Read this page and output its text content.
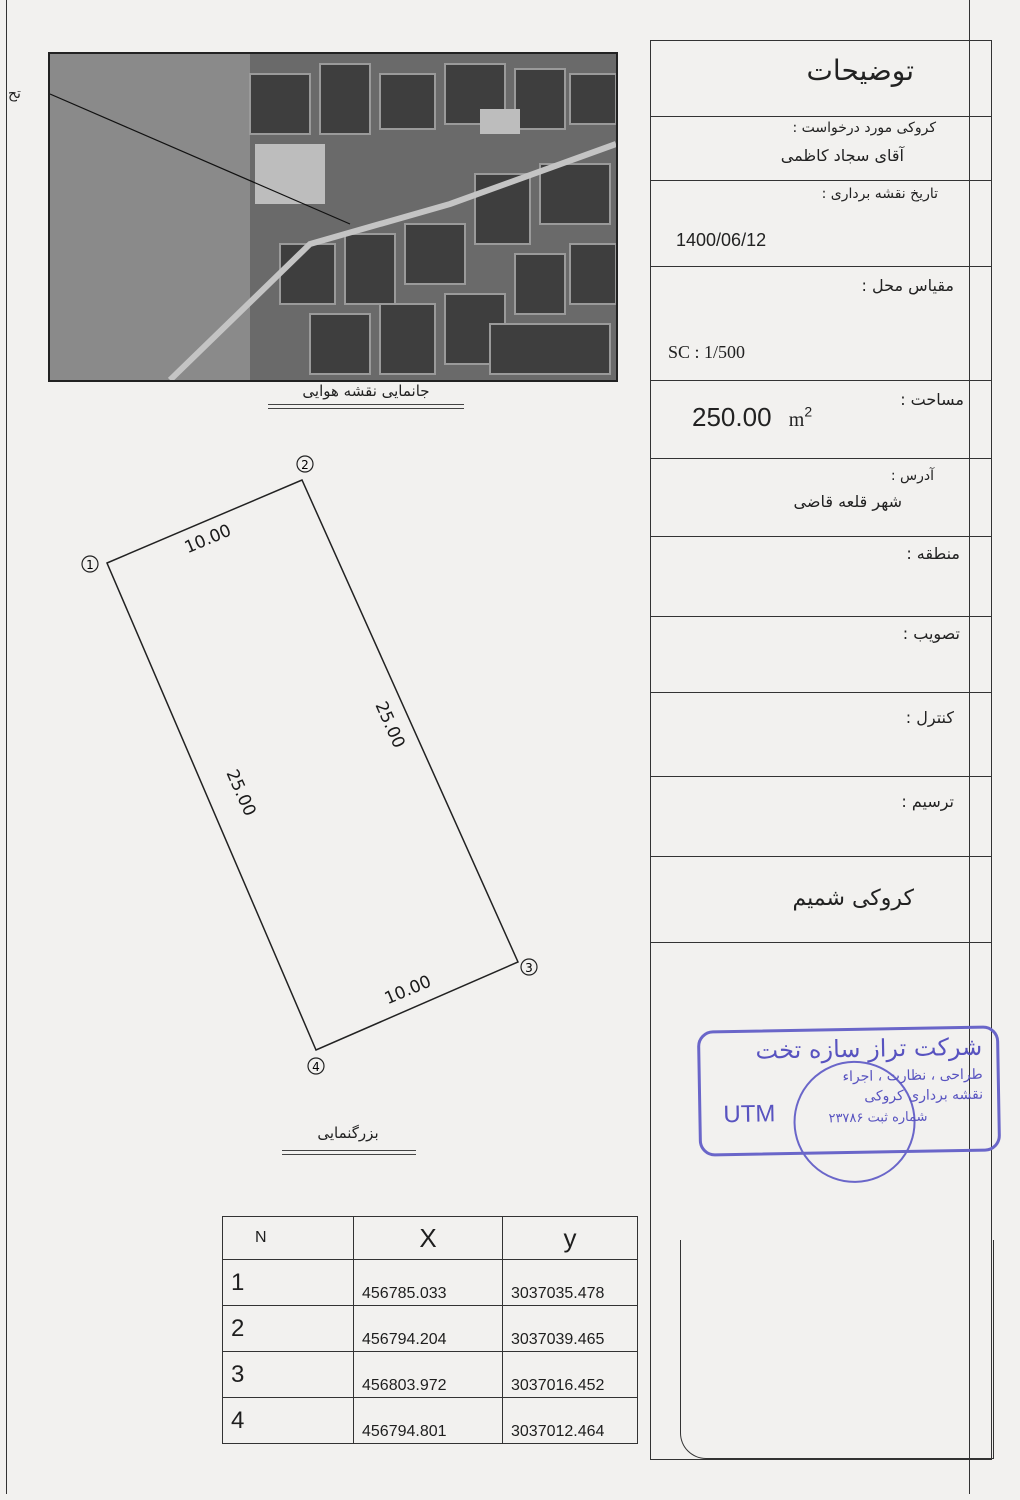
تح
جانمایی نقشه هوایی
1
2
3
4
10.00
25.00
25.00
10.00
بزرگنمایی
N	X	y
1	456785.033	3037035.478
2	456794.204	3037039.465
3	456803.972	3037016.452
4	456794.801	3037012.464
توضیحات
کروکی مورد درخواست :
آقای سجاد کاظمی
تاریخ نقشه برداری :
1400/06/12
مقیاس محل :
SC : 1/500
مساحت :
250.00 $m^2$
آدرس :
شهر قلعه قاضی
منطقه :
تصویب :
کنترل :
ترسیم :
کروکی شمیم
شرکت تراز سازه تخت
طراحی ، نظارت ، اجراء
نقشه برداری کروکی
شماره ثبت ۲۳۷۸۶
UTM
